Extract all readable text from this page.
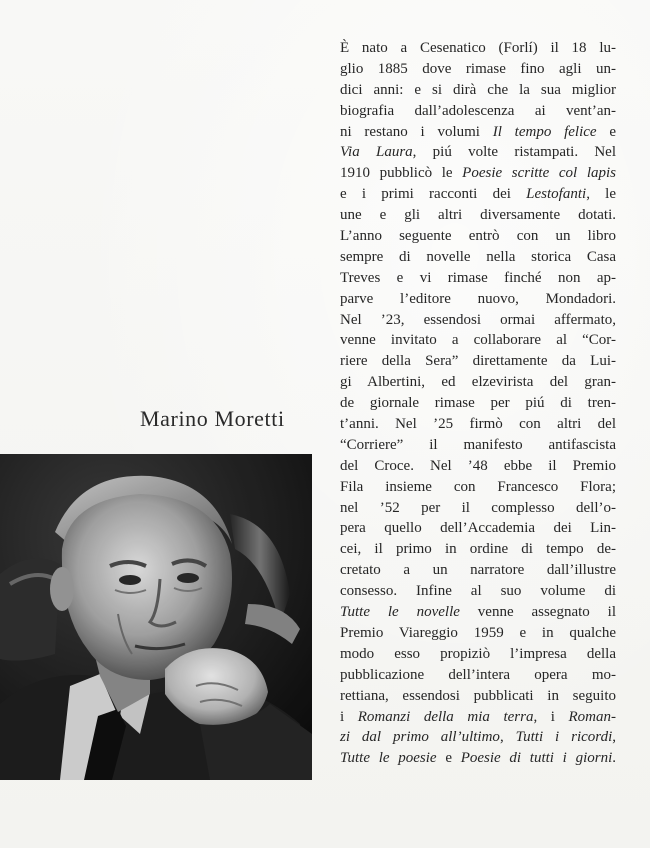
Marino Moretti
È nato a Cesenatico (Forlí) il 18 lu-
glio 1885 dove rimase fino agli un-
dici anni: e si dirà che la sua miglior
biografia dall’adolescenza ai vent’an-
ni restano i volumi Il tempo felice e
Via Laura, piú volte ristampati. Nel
1910 pubblicò le Poesie scritte col lapis
e i primi racconti dei Lestofanti, le
une e gli altri diversamente dotati.
L’anno seguente entrò con un libro
sempre di novelle nella storica Casa
Treves e vi rimase finché non ap-
parve l’editore nuovo, Mondadori.
Nel ’23, essendosi ormai affermato,
venne invitato a collaborare al “Cor-
riere della Sera” direttamente da Lui-
gi Albertini, ed elzevirista del gran-
de giornale rimase per piú di tren-
t’anni. Nel ’25 firmò con altri del
“Corriere” il manifesto antifascista
del Croce. Nel ’48 ebbe il Premio
Fila insieme con Francesco Flora;
nel ’52 per il complesso dell’o-
pera quello dell’Accademia dei Lin-
cei, il primo in ordine di tempo de-
cretato a un narratore dall’illustre
consesso. Infine al suo volume di
Tutte le novelle venne assegnato il
Premio Viareggio 1959 e in qualche
modo esso propiziò l’impresa della
pubblicazione dell’intera opera mo-
rettiana, essendosi pubblicati in seguito
i Romanzi della mia terra, i Roman-
zi dal primo all’ultimo, Tutti i ricordi,
Tutte le poesie e Poesie di tutti i giorni.
